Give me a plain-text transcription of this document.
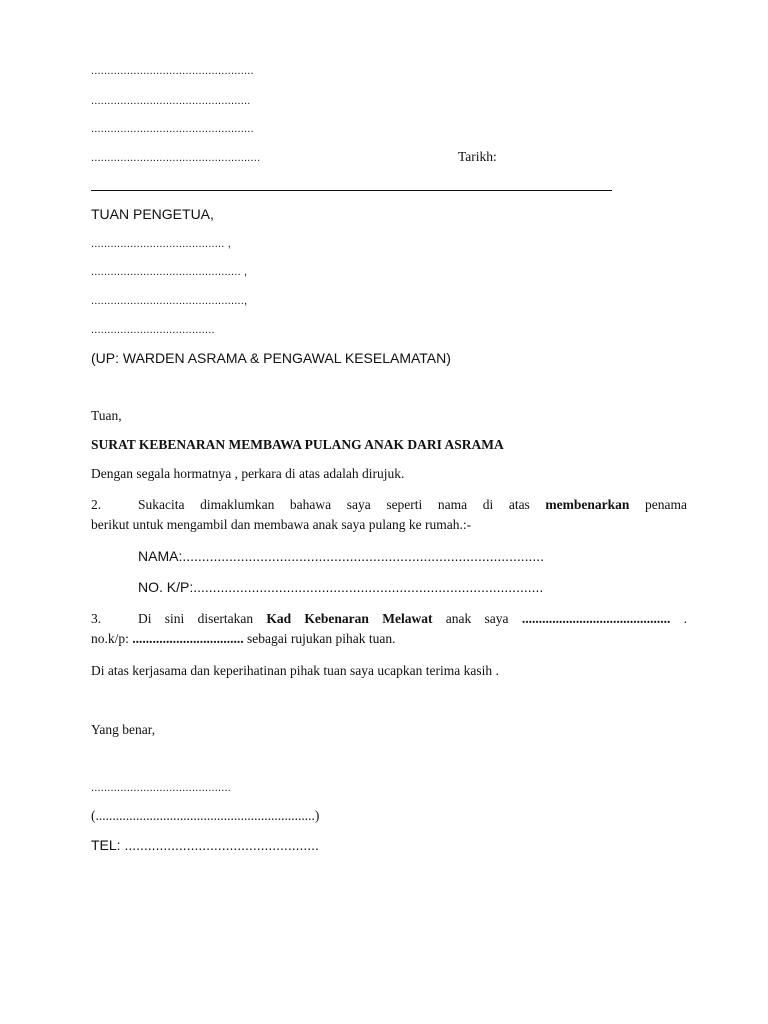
..................................................
.................................................
..................................................
....................................................	Tarikh:
TUAN PENGETUA,
......................................... ,
.............................................. ,
...............................................,
......................................
(UP: WARDEN ASRAMA & PENGAWAL KESELAMATAN)
Tuan,
SURAT KEBENARAN MEMBAWA PULANG ANAK DARI ASRAMA
Dengan segala hormatnya , perkara di atas adalah dirujuk.
2.	Sukacita dimaklumkan bahawa saya seperti nama di atas membenarkan penama
berikut untuk mengambil dan membawa anak saya pulang ke rumah.:-
NAMA:.............................................................................................
NO. K/P:..........................................................................................
3.	Di sini disertakan Kad Kebenaran Melawat anak saya ............................................ .
no.k/p: ................................. sebagai rujukan pihak tuan.
Di atas kerjasama dan keperihatinan pihak tuan saya ucapkan terima kasih .
Yang benar,
...........................................
(.................................................................)
TEL: ..................................................
